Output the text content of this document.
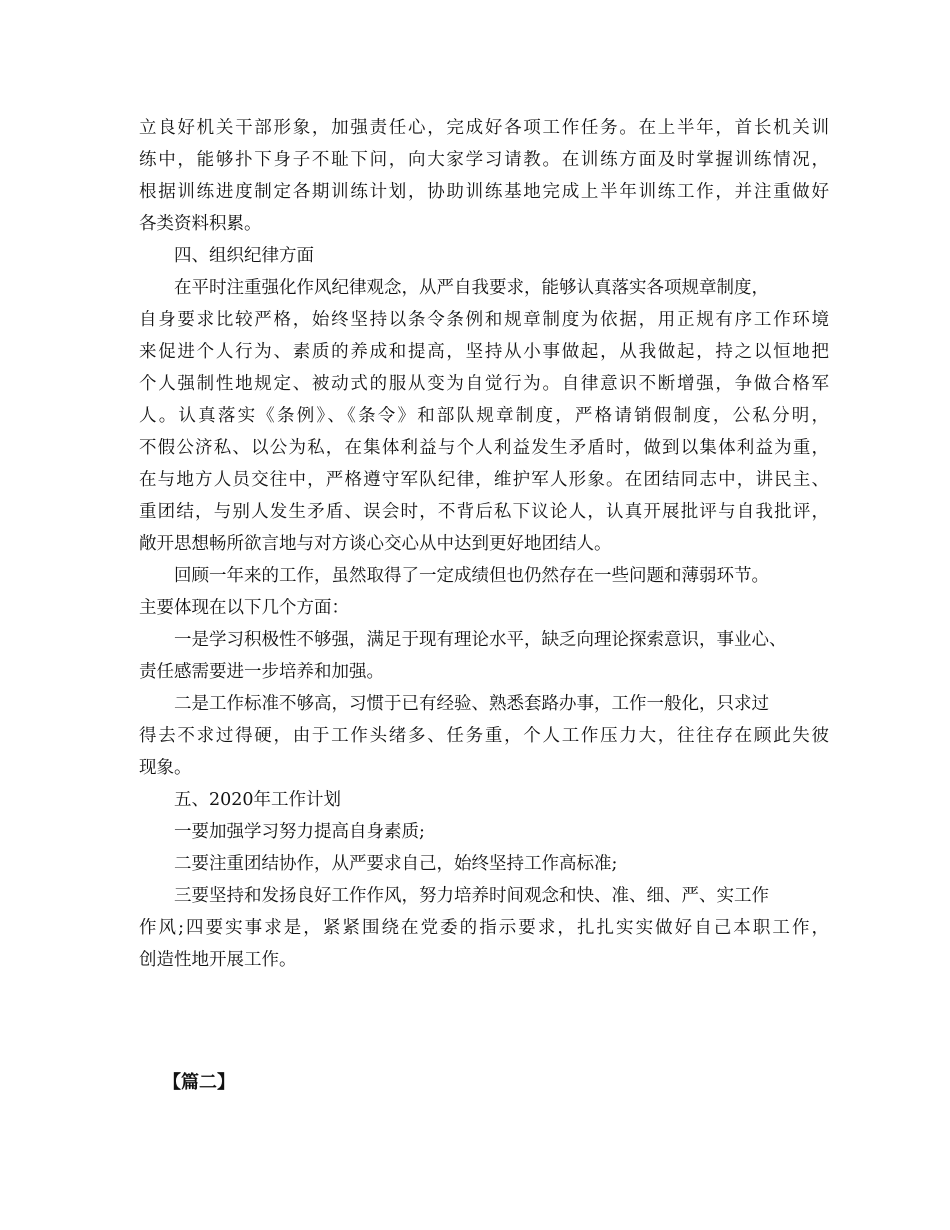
立良好机关干部形象，加强责任心，完成好各项工作任务。在上半年，首长机关训
练中，能够扑下身子不耻下问，向大家学习请教。在训练方面及时掌握训练情况，
根据训练进度制定各期训练计划，协助训练基地完成上半年训练工作，并注重做好
各类资料积累。
四、组织纪律方面
在平时注重强化作风纪律观念，从严自我要求，能够认真落实各项规章制度，
自身要求比较严格，始终坚持以条令条例和规章制度为依据，用正规有序工作环境
来促进个人行为、素质的养成和提高，坚持从小事做起，从我做起，持之以恒地把
个人强制性地规定、被动式的服从变为自觉行为。自律意识不断增强，争做合格军
人。认真落实《条例》、《条令》和部队规章制度，严格请销假制度，公私分明，
不假公济私、以公为私，在集体利益与个人利益发生矛盾时，做到以集体利益为重，
在与地方人员交往中，严格遵守军队纪律，维护军人形象。在团结同志中，讲民主、
重团结，与别人发生矛盾、误会时，不背后私下议论人，认真开展批评与自我批评，
敞开思想畅所欲言地与对方谈心交心从中达到更好地团结人。
回顾一年来的工作，虽然取得了一定成绩但也仍然存在一些问题和薄弱环节。
主要体现在以下几个方面：
一是学习积极性不够强，满足于现有理论水平，缺乏向理论探索意识，事业心、
责任感需要进一步培养和加强。
二是工作标准不够高，习惯于已有经验、熟悉套路办事，工作一般化，只求过
得去不求过得硬，由于工作头绪多、任务重，个人工作压力大，往往存在顾此失彼
现象。
五、2020年工作计划
一要加强学习努力提高自身素质;
二要注重团结协作，从严要求自己，始终坚持工作高标准;
三要坚持和发扬良好工作作风，努力培养时间观念和快、准、细、严、实工作
作风;四要实事求是，紧紧围绕在党委的指示要求，扎扎实实做好自己本职工作，
创造性地开展工作。
【篇二】
